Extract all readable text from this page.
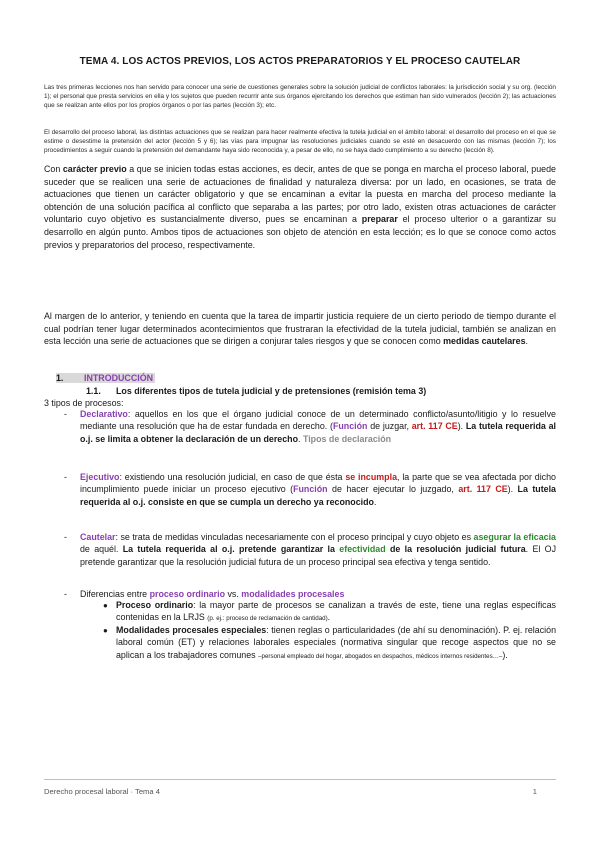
TEMA 4. LOS ACTOS PREVIOS, LOS ACTOS PREPARATORIOS Y EL PROCESO CAUTELAR
Las tres primeras lecciones nos han servido para conocer una serie de cuestiones generales sobre la solución judicial de conflictos laborales: la jurisdicción social y su org. (lección 1); el personal que presta servicios en ella y los sujetos que pueden recurrir ante sus órganos ejercitando los derechos que estiman han sido vulnerados (lección 2); las actuaciones que se realizan ante ellos por los propios órganos o por las partes (lección 3); etc.
El desarrollo del proceso laboral, las distintas actuaciones que se realizan para hacer realmente efectiva la tutela judicial en el ámbito laboral: el desarrollo del proceso en el que se estime o desestime la pretensión del actor (lección 5 y 6); las vías para impugnar las resoluciones judiciales cuando se esté en desacuerdo con las mismas (lección 7); los procedimientos a seguir cuando la pretensión del demandante haya sido reconocida y, a pesar de ello, no se haya dado cumplimiento a su derecho (lección 8).
Con carácter previo a que se inicien todas estas acciones, es decir, antes de que se ponga en marcha el proceso laboral, puede suceder que se realicen una serie de actuaciones de finalidad y naturaleza diversa: por un lado, en ocasiones, se trata de actuaciones que tienen un carácter obligatorio y que se encaminan a evitar la puesta en marcha del proceso mediante la obtención de una solución pacífica al conflicto que separaba a las partes; por otro lado, existen otras actuaciones de carácter voluntario cuyo objetivo es sustancialmente diverso, pues se encaminan a preparar el proceso ulterior o a garantizar su desarrollo en algún punto. Ambos tipos de actuaciones son objeto de atención en esta lección; es lo que se conoce como actos previos y preparatorios del proceso, respectivamente.
Al margen de lo anterior, y teniendo en cuenta que la tarea de impartir justicia requiere de un cierto periodo de tiempo durante el cual podrían tener lugar determinados acontecimientos que frustraran la efectividad de la tutela judicial, también se analizan en esta lección una serie de actuaciones que se dirigen a conjurar tales riesgos y que se conocen como medidas cautelares.
1. INTRODUCCIÓN
1.1. Los diferentes tipos de tutela judicial y de pretensiones (remisión tema 3)
3 tipos de procesos:
- Declarativo: aquellos en los que el órgano judicial conoce de un determinado conflicto/asunto/litigio y lo resuelve mediante una resolución que ha de estar fundada en derecho. (Función de juzgar, art. 117 CE). La tutela requerida al o.j. se limita a obtener la declaración de un derecho. Tipos de declaración
- Ejecutivo: existiendo una resolución judicial, en caso de que ésta se incumpla, la parte que se vea afectada por dicho incumplimiento puede iniciar un proceso ejecutivo (Función de hacer ejecutar lo juzgado, art. 117 CE). La tutela requerida al o.j. consiste en que se cumpla un derecho ya reconocido.
- Cautelar: se trata de medidas vinculadas necesariamente con el proceso principal y cuyo objeto es asegurar la eficacia de aquél. La tutela requerida al o.j. pretende garantizar la efectividad de la resolución judicial futura. El OJ pretende garantizar que la resolución judicial futura de un proceso principal sea efectiva y tenga sentido.
- Diferencias entre proceso ordinario vs. modalidades procesales
● Proceso ordinario: la mayor parte de procesos se canalizan a través de este, tiene una reglas específicas contenidas en la LRJS (p. ej.: proceso de reclamación de cantidad).
● Modalidades procesales especiales: tienen reglas o particularidades (de ahí su denominación). P. ej. relación laboral común (ET) y relaciones laborales especiales (normativa singular que recoge aspectos que no se aplican a los trabajadores comunes –personal empleado del hogar, abogados en despachos, médicos internos residentes…–).
Derecho procesal laboral · Tema 4	1
